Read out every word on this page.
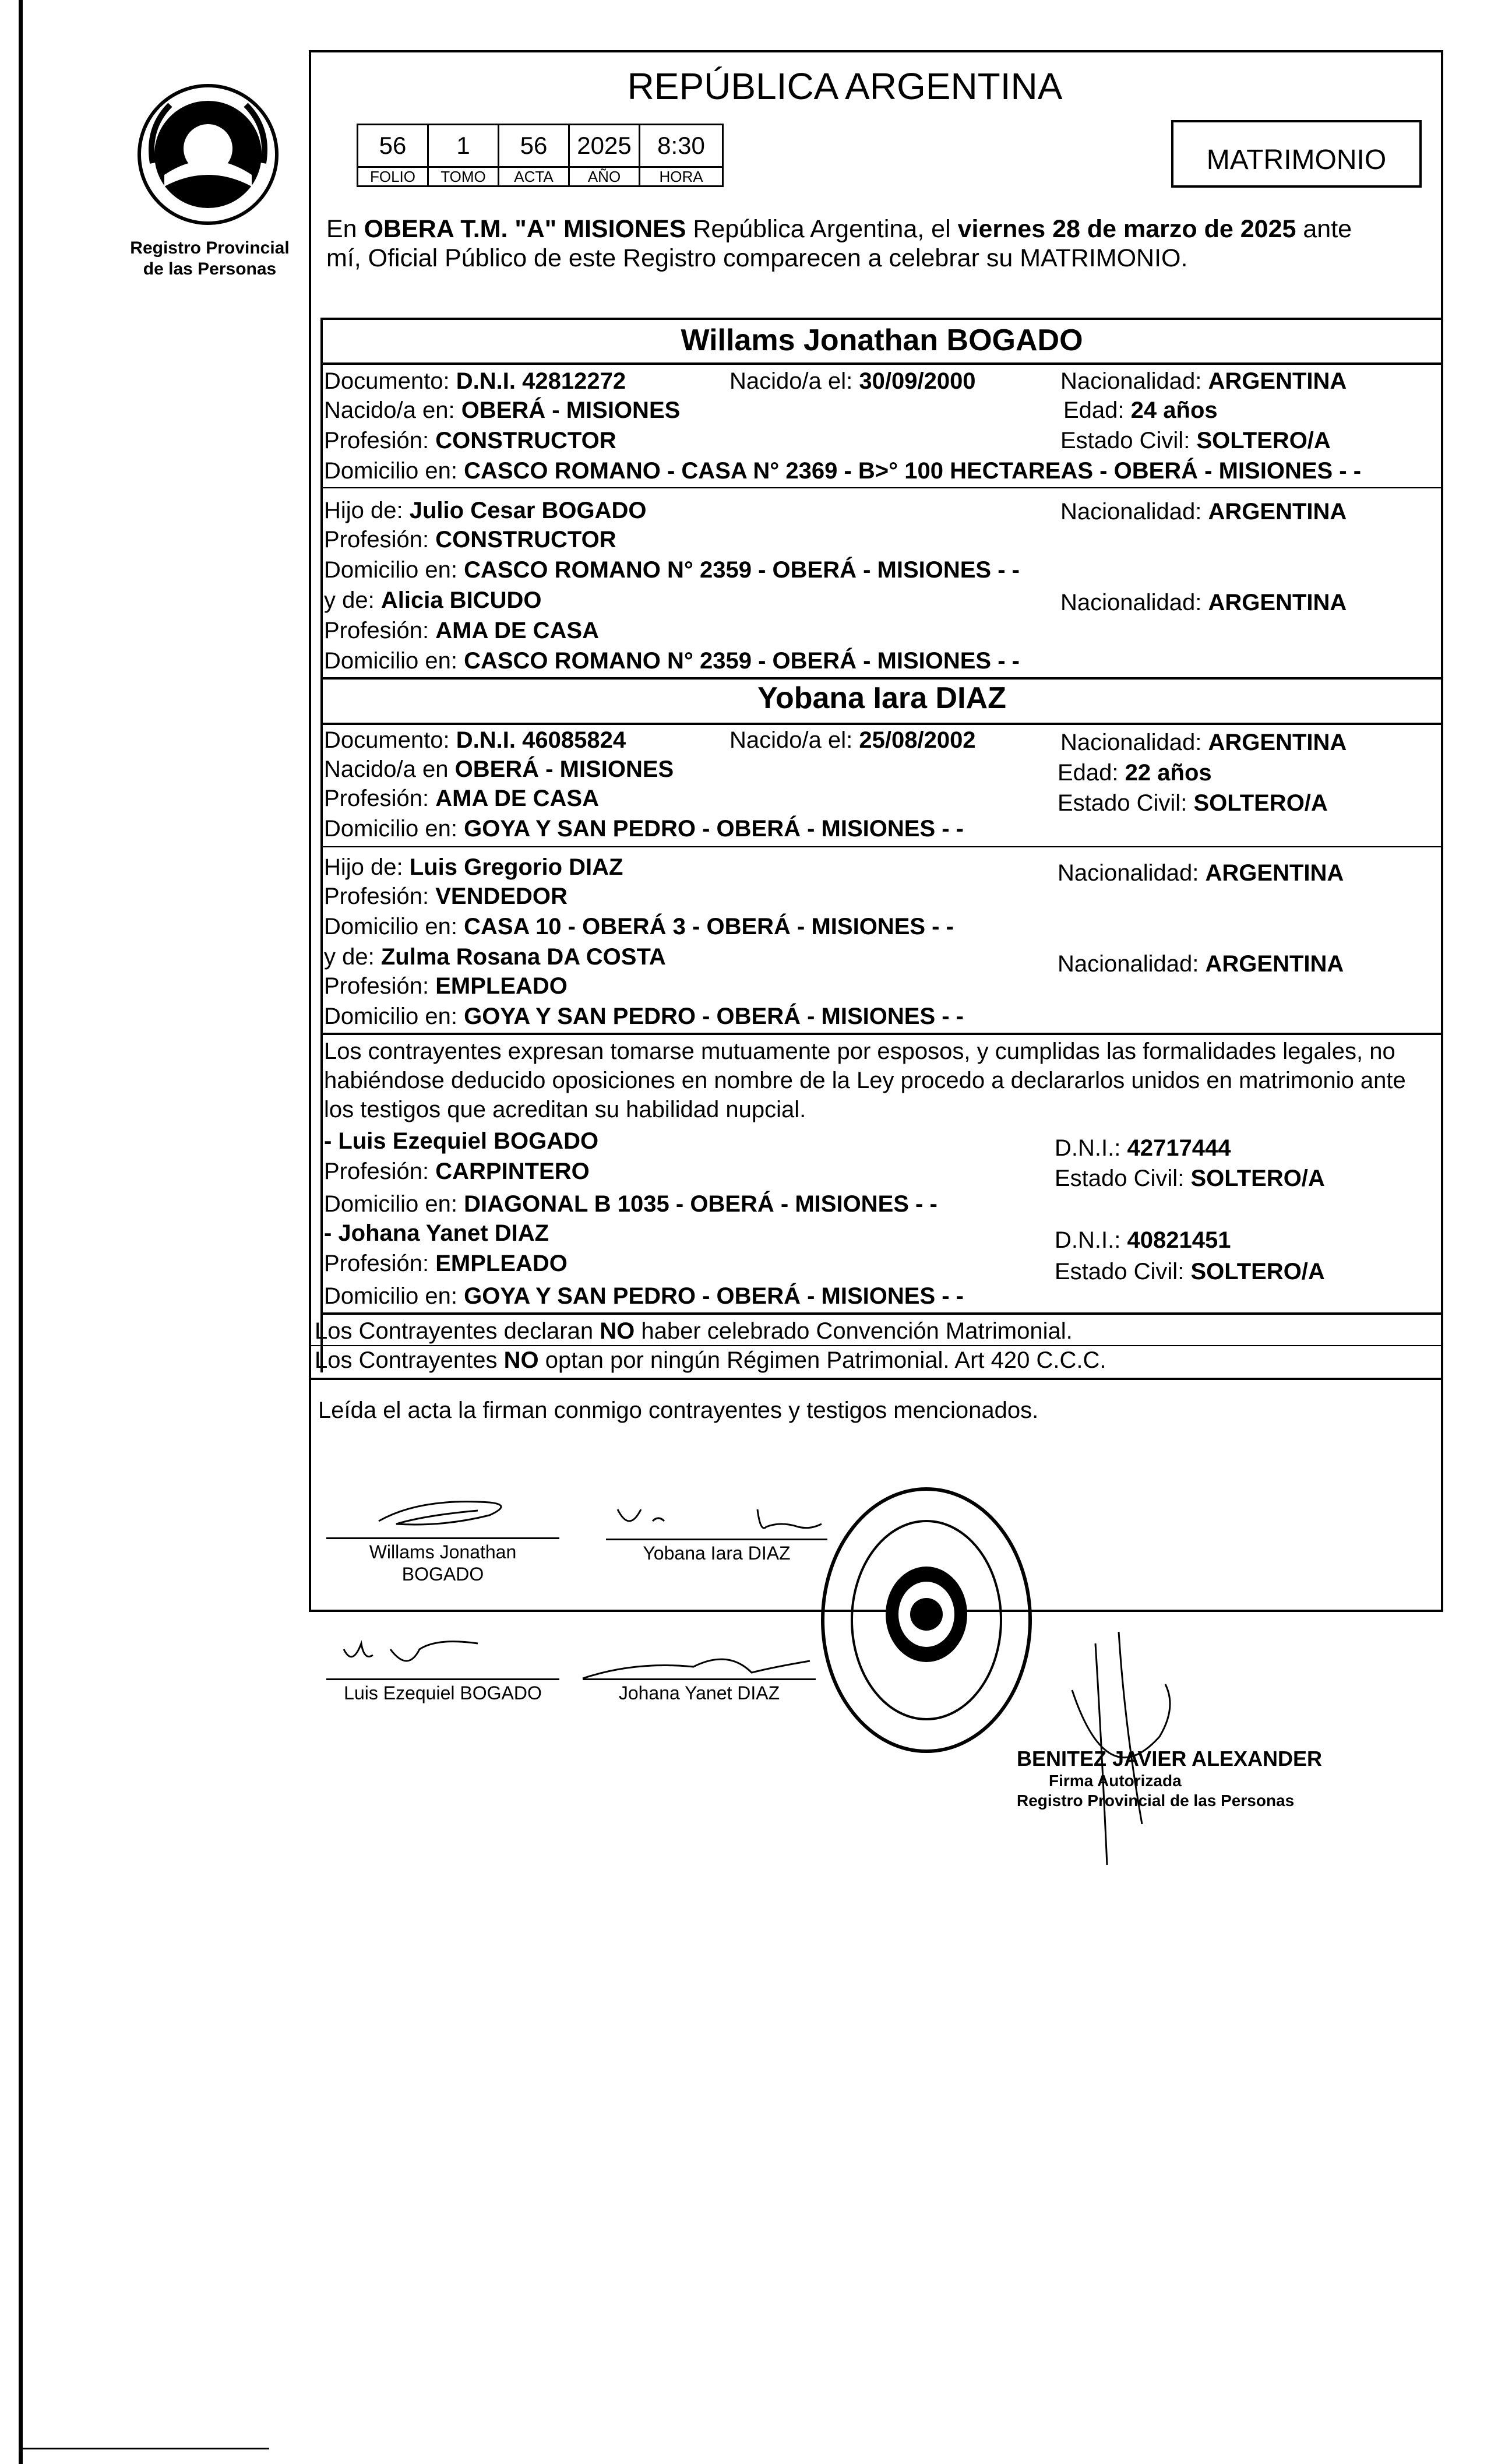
Registro Provincial
de las Personas
REPÚBLICA ARGENTINA
56	1	56	2025	8:30
FOLIO	TOMO	ACTA	AÑO	HORA
MATRIMONIO
En OBERA T.M. "A" MISIONES República Argentina, el viernes 28 de marzo de 2025 ante
mí, Oficial Público de este Registro comparecen a celebrar su MATRIMONIO.
Willams Jonathan BOGADO
Documento: D.N.I. 42812272	Nacido/a el: 30/09/2000	Nacionalidad: ARGENTINA
Nacido/a en: OBERÁ - MISIONES	Edad: 24 años
Profesión: CONSTRUCTOR	Estado Civil: SOLTERO/A
Domicilio en: CASCO ROMANO - CASA N° 2369 - B>° 100 HECTAREAS - OBERÁ - MISIONES - -
Hijo de: Julio Cesar BOGADO	Nacionalidad: ARGENTINA
Profesión: CONSTRUCTOR
Domicilio en: CASCO ROMANO N° 2359 - OBERÁ - MISIONES - -
y de: Alicia BICUDO	Nacionalidad: ARGENTINA
Profesión: AMA DE CASA
Domicilio en: CASCO ROMANO N° 2359 - OBERÁ - MISIONES - -
Yobana Iara DIAZ
Documento: D.N.I. 46085824	Nacido/a el: 25/08/2002	Nacionalidad: ARGENTINA
Nacido/a en OBERÁ - MISIONES	Edad: 22 años
Profesión: AMA DE CASA	Estado Civil: SOLTERO/A
Domicilio en: GOYA Y SAN PEDRO - OBERÁ - MISIONES - -
Hijo de: Luis Gregorio DIAZ	Nacionalidad: ARGENTINA
Profesión: VENDEDOR
Domicilio en: CASA 10 - OBERÁ 3 - OBERÁ - MISIONES - -
y de: Zulma Rosana DA COSTA	Nacionalidad: ARGENTINA
Profesión: EMPLEADO
Domicilio en: GOYA Y SAN PEDRO - OBERÁ - MISIONES - -
Los contrayentes expresan tomarse mutuamente por esposos, y cumplidas las formalidades legales, no
habiéndose deducido oposiciones en nombre de la Ley procedo a declararlos unidos en matrimonio ante
los testigos que acreditan su habilidad nupcial.
- Luis Ezequiel BOGADO	D.N.I.: 42717444
Profesión: CARPINTERO	Estado Civil: SOLTERO/A
Domicilio en: DIAGONAL B 1035 - OBERÁ - MISIONES - -
- Johana Yanet DIAZ	D.N.I.: 40821451
Profesión: EMPLEADO	Estado Civil: SOLTERO/A
Domicilio en: GOYA Y SAN PEDRO - OBERÁ - MISIONES - -
Los Contrayentes declaran NO haber celebrado Convención Matrimonial.
Los Contrayentes NO optan por ningún Régimen Patrimonial. Art 420 C.C.C.
Leída el acta la firman conmigo contrayentes y testigos mencionados.
Willams Jonathan
BOGADO
Yobana Iara DIAZ
Luis Ezequiel BOGADO	Johana Yanet DIAZ
BENITEZ JAVIER ALEXANDER
Firma Autorizada
Registro Provincial de las Personas
